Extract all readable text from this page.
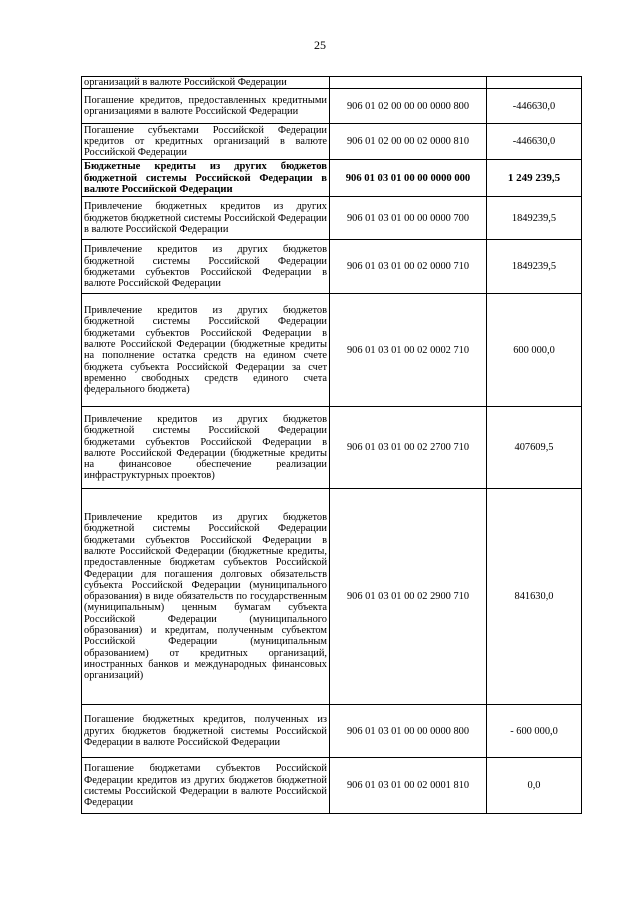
25
организаций в валюте Российской Федерации		
Погашение кредитов, предоставленных кредитными организациями в валюте Российской Федерации	906 01 02 00 00 00 0000 800	-446630,0
Погашение субъектами Российской Федерации кредитов от кредитных организаций в валюте Российской Федерации	906 01 02 00 00 02 0000 810	-446630,0
Бюджетные кредиты из других бюджетов бюджетной системы Российской Федерации в валюте Российской Федерации	906 01 03 01 00 00 0000 000	1 249 239,5
Привлечение бюджетных кредитов из других бюджетов бюджетной системы Российской Федерации в валюте Российской Федерации	906 01 03 01 00 00 0000 700	1849239,5
Привлечение кредитов из других бюджетов бюджетной системы Российской Федерации бюджетами субъектов Российской Федерации в валюте Российской Федерации	906 01 03 01 00 02 0000 710	1849239,5
Привлечение кредитов из других бюджетов бюджетной системы Российской Федерации бюджетами субъектов Российской Федерации в валюте Российской Федерации (бюджетные кредиты на пополнение остатка средств на едином счете бюджета субъекта Российской Федерации за счет временно свободных средств единого счета федерального бюджета)	906 01 03 01 00 02 0002 710	600 000,0
Привлечение кредитов из других бюджетов бюджетной системы Российской Федерации бюджетами субъектов Российской Федерации в валюте Российской Федерации (бюджетные кредиты на финансовое обеспечение реализации инфраструктурных проектов)	906 01 03 01 00 02 2700 710	407609,5
Привлечение кредитов из других бюджетов бюджетной системы Российской Федерации бюджетами субъектов Российской Федерации в валюте Российской Федерации (бюджетные кредиты, предоставленные бюджетам субъектов Российской Федерации для погашения долговых обязательств субъекта Российской Федерации (муниципального образования) в виде обязательств по государственным (муниципальным) ценным бумагам субъекта Российской Федерации (муниципального образования) и кредитам, полученным субъектом Российской Федерации (муниципальным образованием) от кредитных организаций, иностранных банков и международных финансовых организаций)	906 01 03 01 00 02 2900 710	841630,0
Погашение бюджетных кредитов, полученных из других бюджетов бюджетной системы Российской Федерации в валюте Российской Федерации	906 01 03 01 00 00 0000 800	- 600 000,0
Погашение бюджетами субъектов Российской Федерации кредитов из других бюджетов бюджетной системы Российской Федерации в валюте Российской Федерации	906 01 03 01 00 02 0001 810	0,0
